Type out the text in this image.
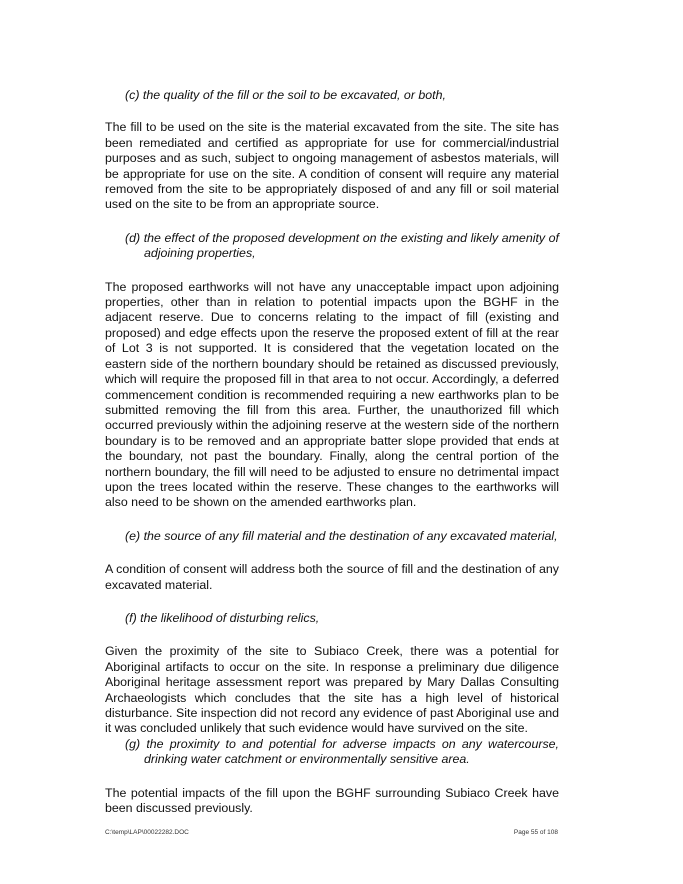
(c) the quality of the fill or the soil to be excavated, or both,

The fill to be used on the site is the material excavated from the site. The site has been remediated and certified as appropriate for use for commercial/industrial purposes and as such, subject to ongoing management of asbestos materials, will be appropriate for use on the site. A condition of consent will require any material removed from the site to be appropriately disposed of and any fill or soil material used on the site to be from an appropriate source.

(d) the effect of the proposed development on the existing and likely amenity of adjoining properties,

The proposed earthworks will not have any unacceptable impact upon adjoining properties, other than in relation to potential impacts upon the BGHF in the adjacent reserve. Due to concerns relating to the impact of fill (existing and proposed) and edge effects upon the reserve the proposed extent of fill at the rear of Lot 3 is not supported. It is considered that the vegetation located on the eastern side of the northern boundary should be retained as discussed previously, which will require the proposed fill in that area to not occur. Accordingly, a deferred commencement condition is recommended requiring a new earthworks plan to be submitted removing the fill from this area. Further, the unauthorized fill which occurred previously within the adjoining reserve at the western side of the northern boundary is to be removed and an appropriate batter slope provided that ends at the boundary, not past the boundary. Finally, along the central portion of the northern boundary, the fill will need to be adjusted to ensure no detrimental impact upon the trees located within the reserve. These changes to the earthworks will also need to be shown on the amended earthworks plan.

(e) the source of any fill material and the destination of any excavated material,

A condition of consent will address both the source of fill and the destination of any excavated material.

(f) the likelihood of disturbing relics,

Given the proximity of the site to Subiaco Creek, there was a potential for Aboriginal artifacts to occur on the site. In response a preliminary due diligence Aboriginal heritage assessment report was prepared by Mary Dallas Consulting Archaeologists which concludes that the site has a high level of historical disturbance. Site inspection did not record any evidence of past Aboriginal use and it was concluded unlikely that such evidence would have survived on the site.

(g) the proximity to and potential for adverse impacts on any watercourse, drinking water catchment or environmentally sensitive area.

The potential impacts of the fill upon the BGHF surrounding Subiaco Creek have been discussed previously.

C:\temp\LAP\00022282.DOC	Page 55 of 108
